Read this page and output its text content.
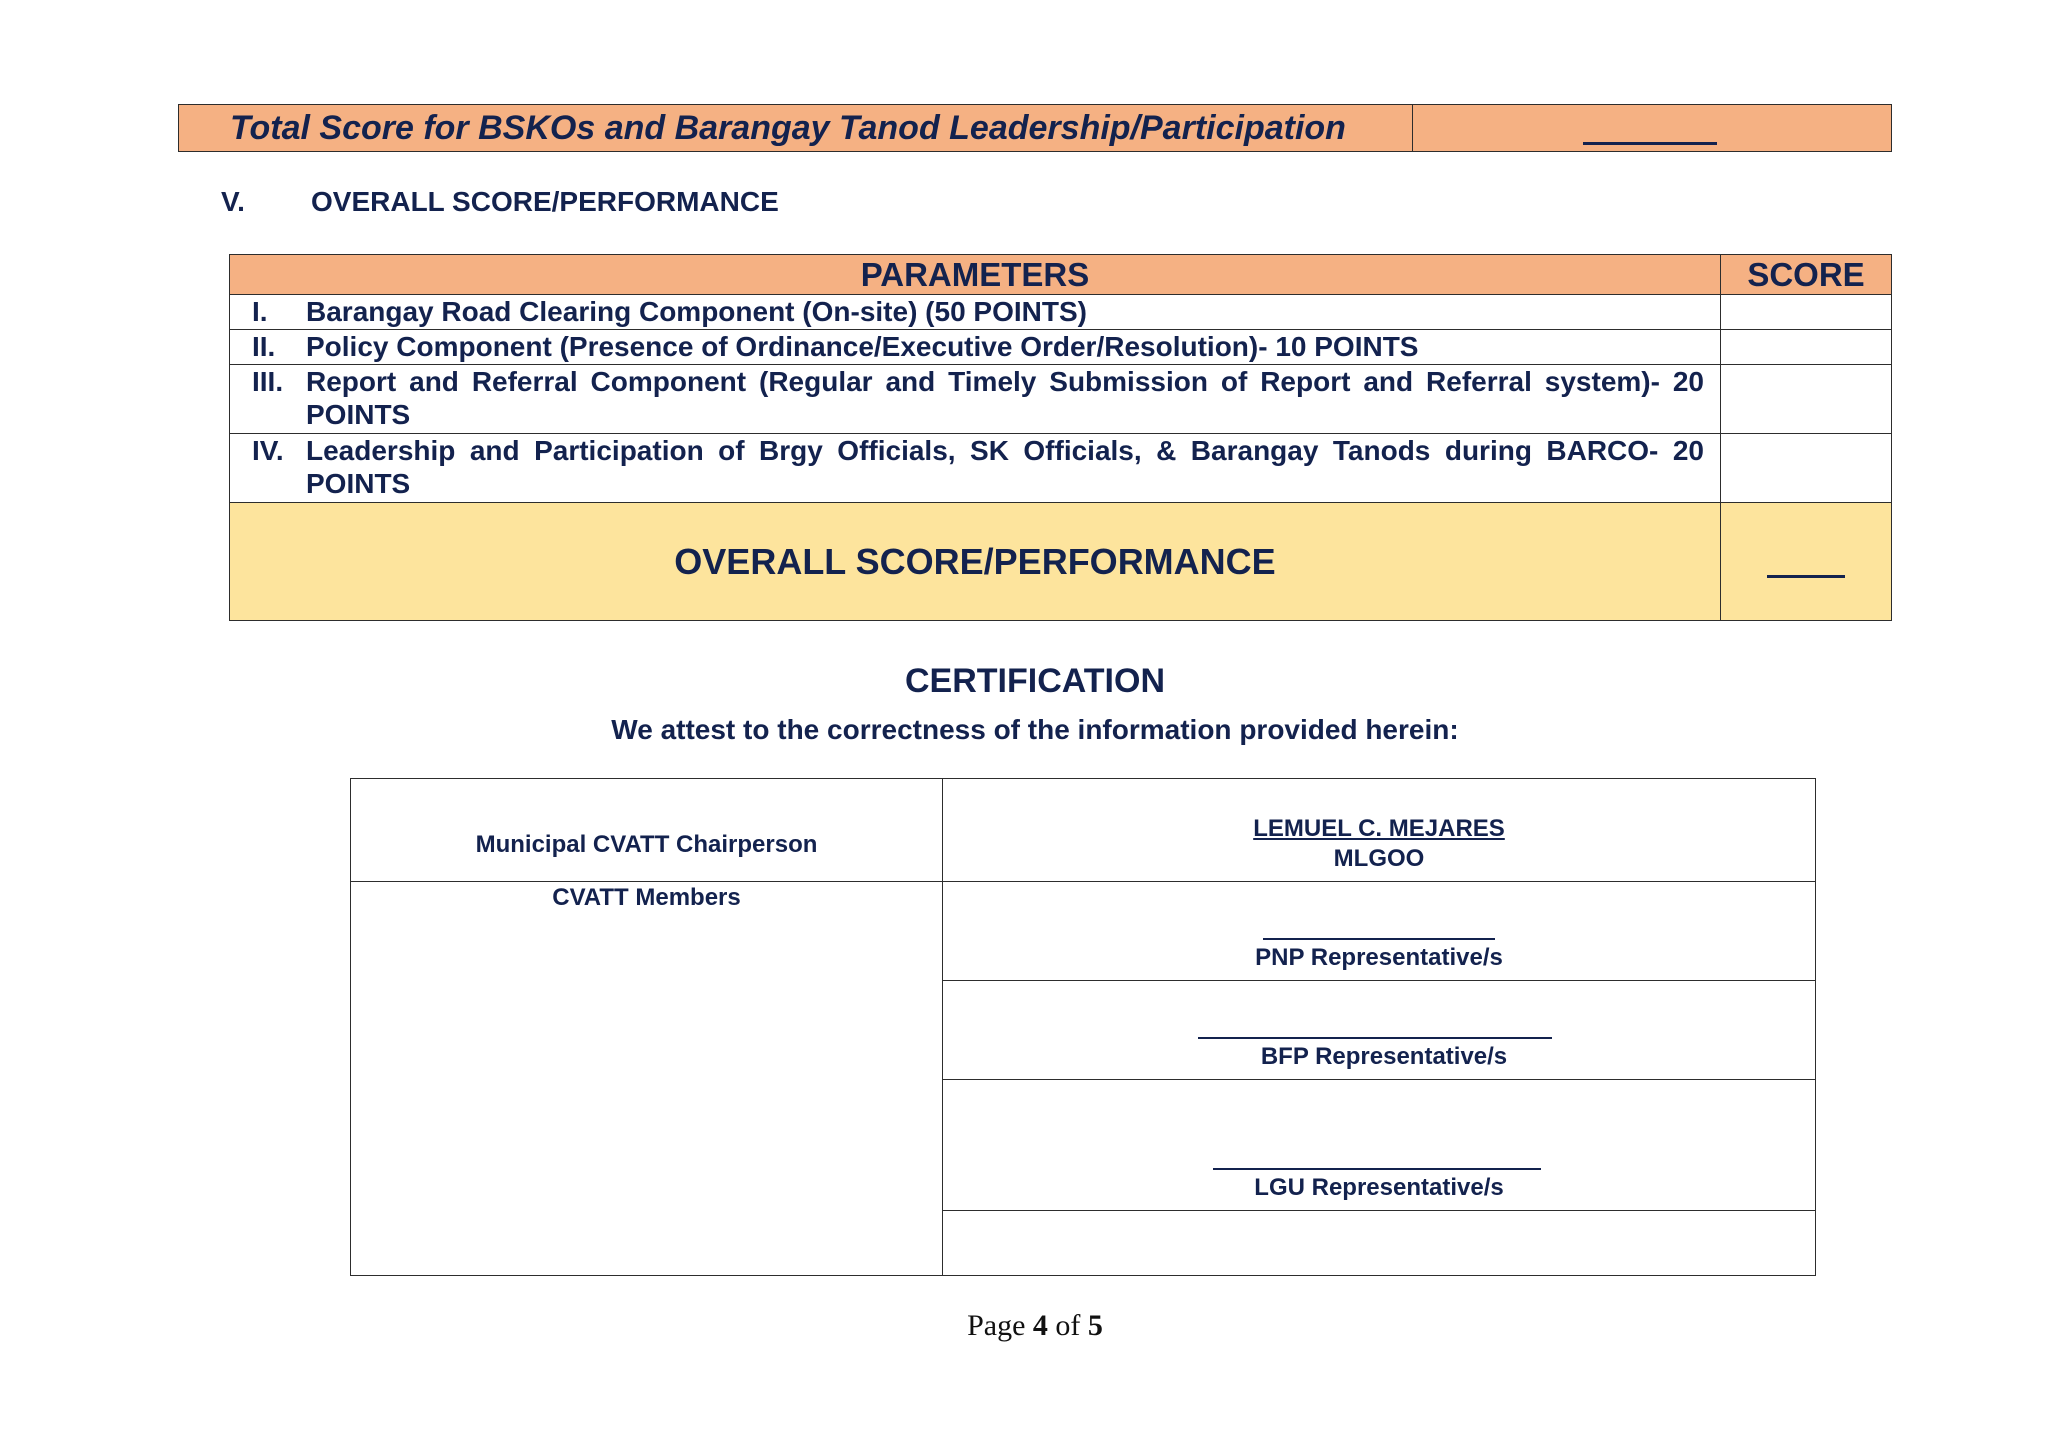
Total Score for BSKOs and Barangay Tanod Leadership/Participation	
V. OVERALL SCORE/PERFORMANCE
PARAMETERS	SCORE

I. Barangay Road Clearing Component (On-site) (50 POINTS)	

II. Policy Component (Presence of Ordinance/Executive Order/Resolution)- 10 POINTS	

III. Report and Referral Component (Regular and Timely Submission of Report and Referral system)- 20 POINTS	

IV. Leadership and Participation of Brgy Officials, SK Officials, & Barangay Tanods during BARCO- 20 POINTS	

OVERALL SCORE/PERFORMANCE	
CERTIFICATION
We attest to the correctness of the information provided herein:
Municipal CVATT Chairperson	LEMUEL C. MEJARES
MLGOO

CVATT Members	PNP Representative/s

	BFP Representative/s

	LGU Representative/s

Page 4 of 5
